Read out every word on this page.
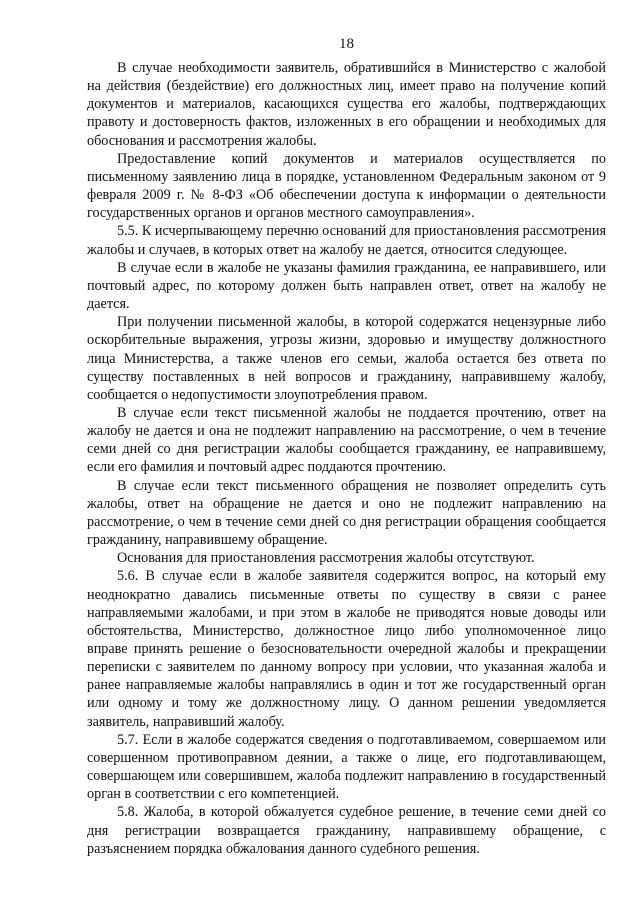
18

В случае необходимости заявитель, обратившийся в Министерство с жалобой на действия (бездействие) его должностных лиц, имеет право на получение копий документов и материалов, касающихся существа его жалобы, подтверждающих правоту и достоверность фактов, изложенных в его обращении и необходимых для обоснования и рассмотрения жалобы.

Предоставление копий документов и материалов осуществляется по письменному заявлению лица в порядке, установленном Федеральным законом от 9 февраля 2009 г. № 8-ФЗ «Об обеспечении доступа к информации о деятельности государственных органов и органов местного самоуправления».

5.5. К исчерпывающему перечню оснований для приостановления рассмотрения жалобы и случаев, в которых ответ на жалобу не дается, относится следующее.

В случае если в жалобе не указаны фамилия гражданина, ее направившего, или почтовый адрес, по которому должен быть направлен ответ, ответ на жалобу не дается.

При получении письменной жалобы, в которой содержатся нецензурные либо оскорбительные выражения, угрозы жизни, здоровью и имуществу должностного лица Министерства, а также членов его семьи, жалоба остается без ответа по существу поставленных в ней вопросов и гражданину, направившему жалобу, сообщается о недопустимости злоупотребления правом.

В случае если текст письменной жалобы не поддается прочтению, ответ на жалобу не дается и она не подлежит направлению на рассмотрение, о чем в течение семи дней со дня регистрации жалобы сообщается гражданину, ее направившему, если его фамилия и почтовый адрес поддаются прочтению.

В случае если текст письменного обращения не позволяет определить суть жалобы, ответ на обращение не дается и оно не подлежит направлению на рассмотрение, о чем в течение семи дней со дня регистрации обращения сообщается гражданину, направившему обращение.

Основания для приостановления рассмотрения жалобы отсутствуют.

5.6. В случае если в жалобе заявителя содержится вопрос, на который ему неоднократно давались письменные ответы по существу в связи с ранее направляемыми жалобами, и при этом в жалобе не приводятся новые доводы или обстоятельства, Министерство, должностное лицо либо уполномоченное лицо вправе принять решение о безосновательности очередной жалобы и прекращении переписки с заявителем по данному вопросу при условии, что указанная жалоба и ранее направляемые жалобы направлялись в один и тот же государственный орган или одному и тому же должностному лицу. О данном решении уведомляется заявитель, направивший жалобу.

5.7. Если в жалобе содержатся сведения о подготавливаемом, совершаемом или совершенном противоправном деянии, а также о лице, его подготавливающем, совершающем или совершившем, жалоба подлежит направлению в государственный орган в соответствии с его компетенцией.

5.8. Жалоба, в которой обжалуется судебное решение, в течение семи дней со дня регистрации возвращается гражданину, направившему обращение, с разъяснением порядка обжалования данного судебного решения.
